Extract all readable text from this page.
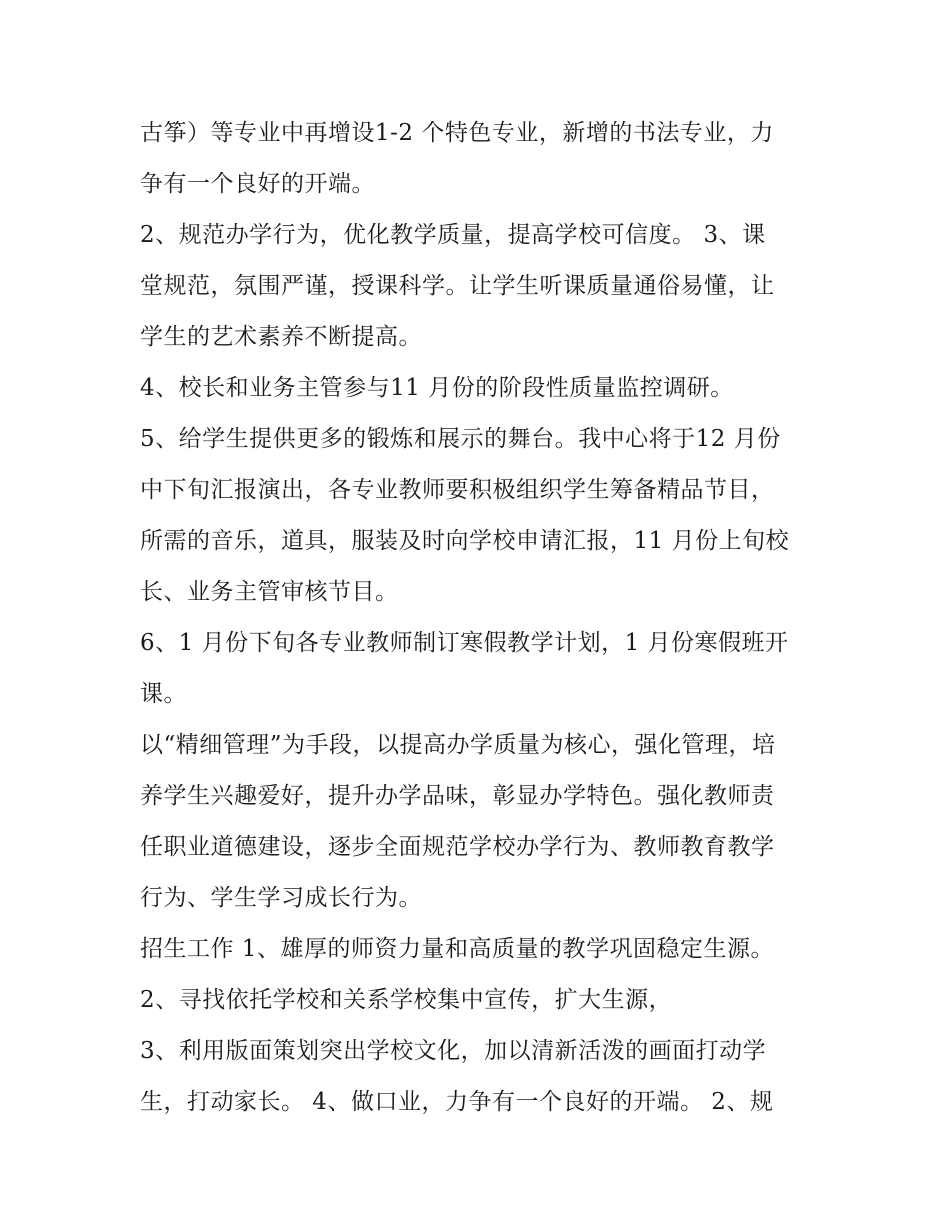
古筝）等专业中再增设1-2 个特色专业，新增的书法专业，力
争有一个良好的开端。
2、规范办学行为，优化教学质量，提高学校可信度。 3、课
堂规范，氛围严谨，授课科学。让学生听课质量通俗易懂，让
学生的艺术素养不断提高。
4、校长和业务主管参与11 月份的阶段性质量监控调研。
5、给学生提供更多的锻炼和展示的舞台。我中心将于12 月份
中下旬汇报演出，各专业教师要积极组织学生筹备精品节目，
所需的音乐，道具，服装及时向学校申请汇报，11 月份上旬校
长、业务主管审核节目。
6、1 月份下旬各专业教师制订寒假教学计划，1 月份寒假班开
课。
以“精细管理”为手段，以提高办学质量为核心，强化管理，培
养学生兴趣爱好，提升办学品味，彰显办学特色。强化教师责
任职业道德建设，逐步全面规范学校办学行为、教师教育教学
行为、学生学习成长行为。
招生工作 1、雄厚的师资力量和高质量的教学巩固稳定生源。
2、寻找依托学校和关系学校集中宣传，扩大生源，
3、利用版面策划突出学校文化，加以清新活泼的画面打动学
生，打动家长。 4、做口业，力争有一个良好的开端。 2、规
